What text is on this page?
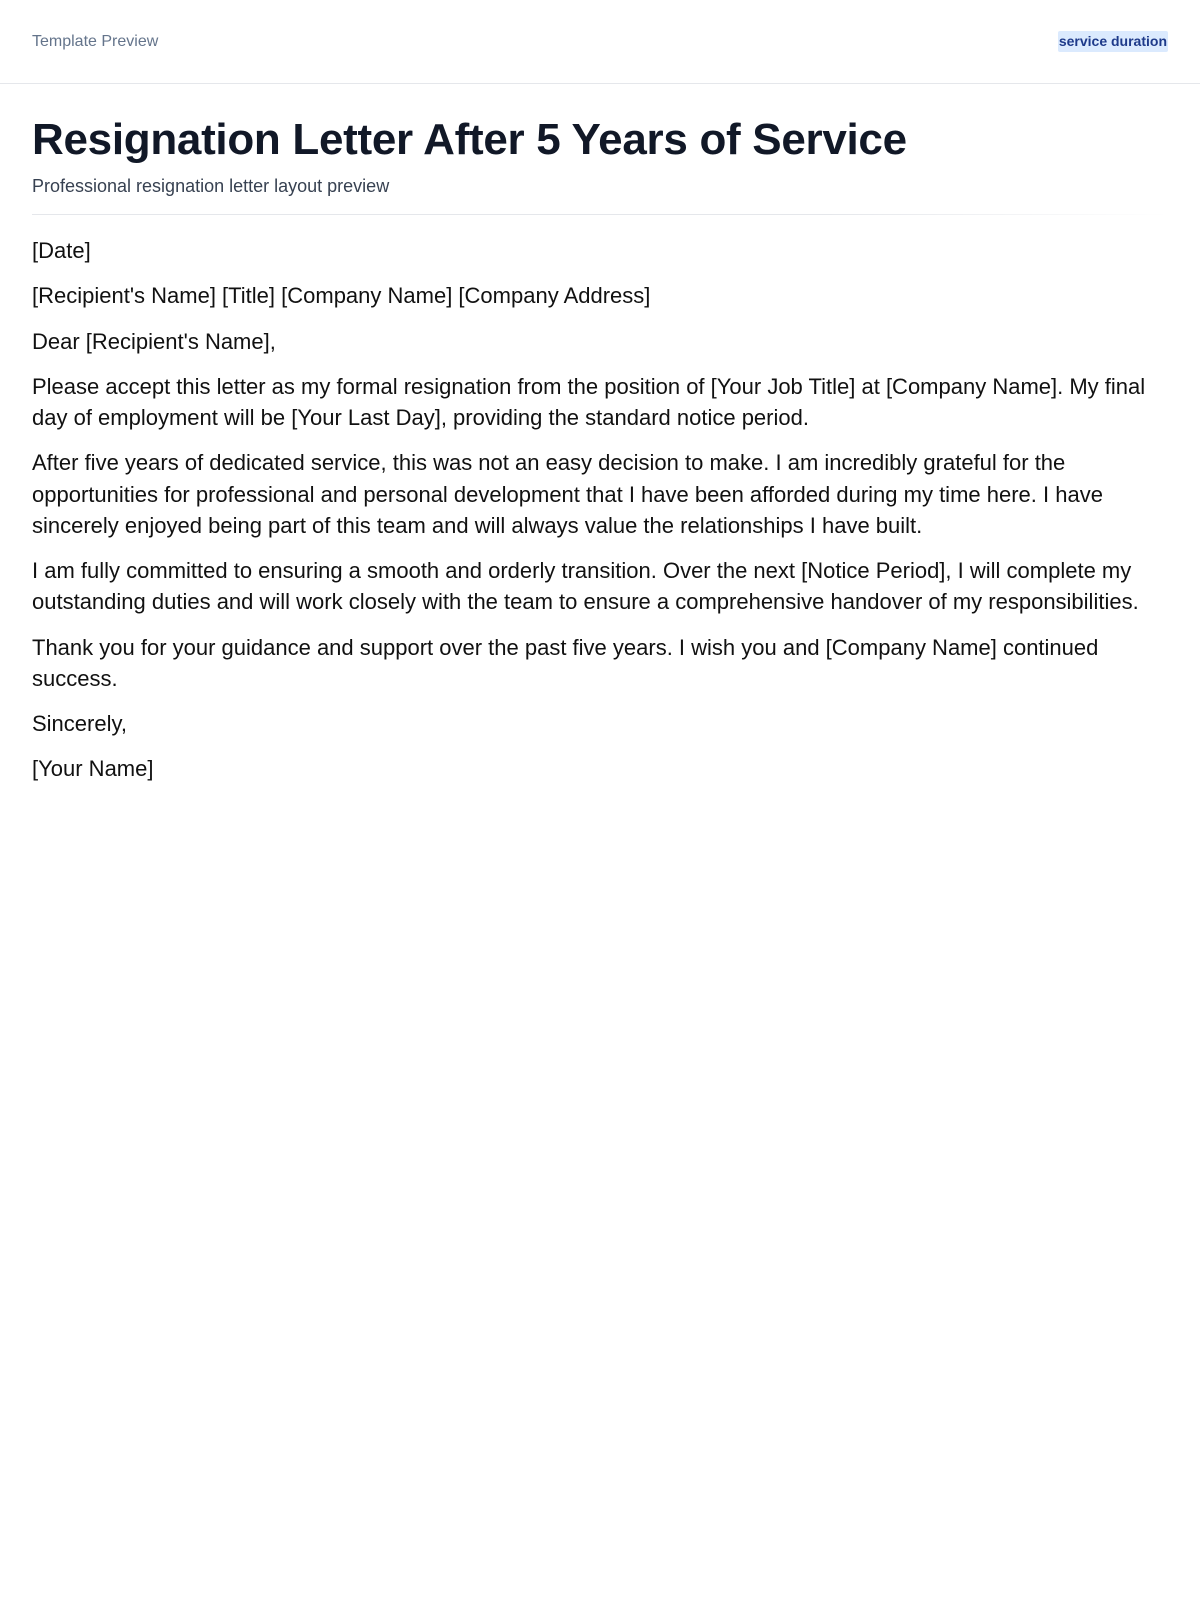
Template Preview	service duration
Resignation Letter After 5 Years of Service
Professional resignation letter layout preview

[Date]

[Recipient's Name] [Title] [Company Name] [Company Address]

Dear [Recipient's Name],

Please accept this letter as my formal resignation from the position of [Your Job Title] at [Company Name]. My final day of employment will be [Your Last Day], providing the standard notice period.

After five years of dedicated service, this was not an easy decision to make. I am incredibly grateful for the opportunities for professional and personal development that I have been afforded during my time here. I have sincerely enjoyed being part of this team and will always value the relationships I have built.

I am fully committed to ensuring a smooth and orderly transition. Over the next [Notice Period], I will complete my outstanding duties and will work closely with the team to ensure a comprehensive handover of my responsibilities.

Thank you for your guidance and support over the past five years. I wish you and [Company Name] continued success.

Sincerely,

[Your Name]
